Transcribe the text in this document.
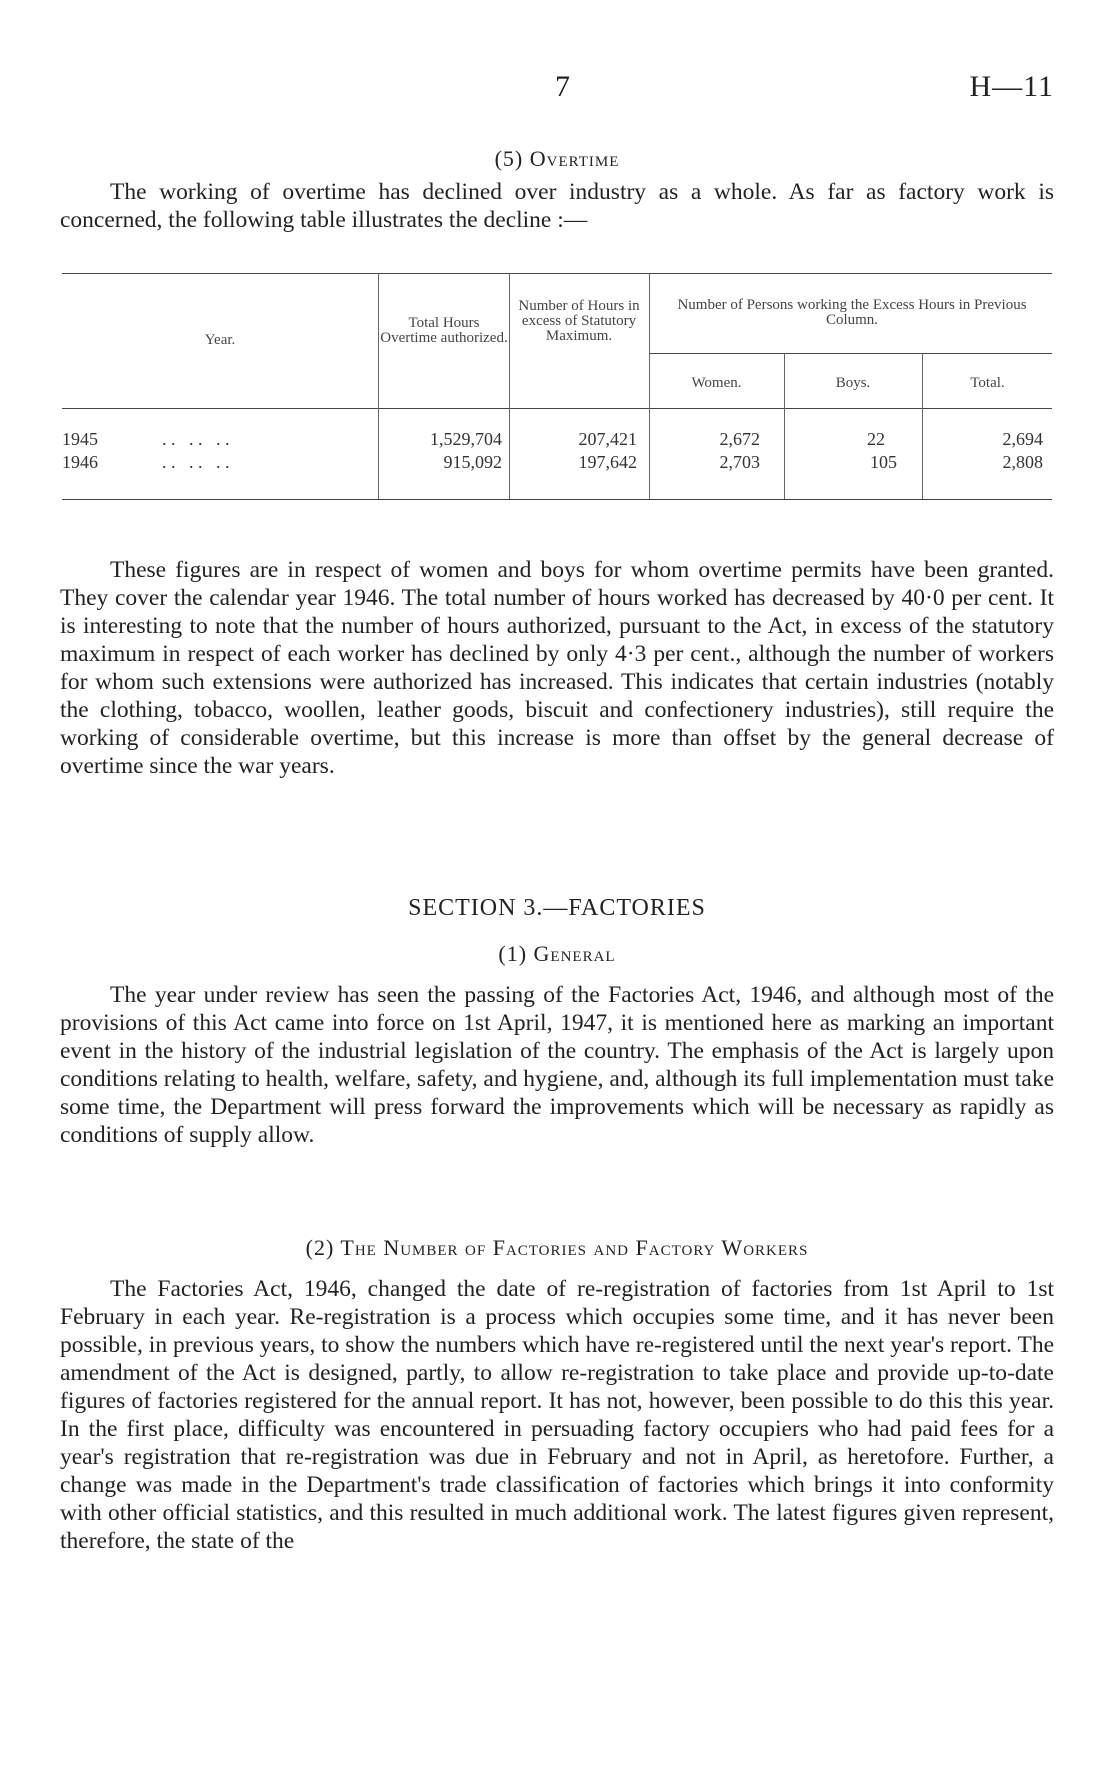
7	H—11
(5) Overtime

The working of overtime has declined over industry as a whole. As far as factory work is concerned, the following table illustrates the decline :—

Year.
Total Hours Overtime authorized.
Number of Hours in excess of Statutory Maximum.
Number of Persons working the Excess Hours in Previous Column.
Women.	Boys.	Total.
1945	. .   . .   . .	1,529,704	207,421	2,672	22	2,694
1946	. .   . .   . .	915,092	197,642	2,703	105	2,808

These figures are in respect of women and boys for whom overtime permits have been granted. They cover the calendar year 1946. The total number of hours worked has decreased by 40·0 per cent. It is interesting to note that the number of hours authorized, pursuant to the Act, in excess of the statutory maximum in respect of each worker has declined by only 4·3 per cent., although the number of workers for whom such extensions were authorized has increased. This indicates that certain industries (notably the clothing, tobacco, woollen, leather goods, biscuit and confectionery industries), still require the working of considerable overtime, but this increase is more than offset by the general decrease of overtime since the war years.

SECTION 3.—FACTORIES
(1) General

The year under review has seen the passing of the Factories Act, 1946, and although most of the provisions of this Act came into force on 1st April, 1947, it is mentioned here as marking an important event in the history of the industrial legislation of the country. The emphasis of the Act is largely upon conditions relating to health, welfare, safety, and hygiene, and, although its full implementation must take some time, the Department will press forward the improvements which will be necessary as rapidly as conditions of supply allow.

(2) The Number of Factories and Factory Workers

The Factories Act, 1946, changed the date of re-registration of factories from 1st April to 1st February in each year. Re-registration is a process which occupies some time, and it has never been possible, in previous years, to show the numbers which have re-registered until the next year's report. The amendment of the Act is designed, partly, to allow re-registration to take place and provide up-to-date figures of factories registered for the annual report. It has not, however, been possible to do this this year. In the first place, difficulty was encountered in persuading factory occupiers who had paid fees for a year's registration that re-registration was due in February and not in April, as heretofore. Further, a change was made in the Department's trade classification of factories which brings it into conformity with other official statistics, and this resulted in much additional work. The latest figures given represent, therefore, the state of the
